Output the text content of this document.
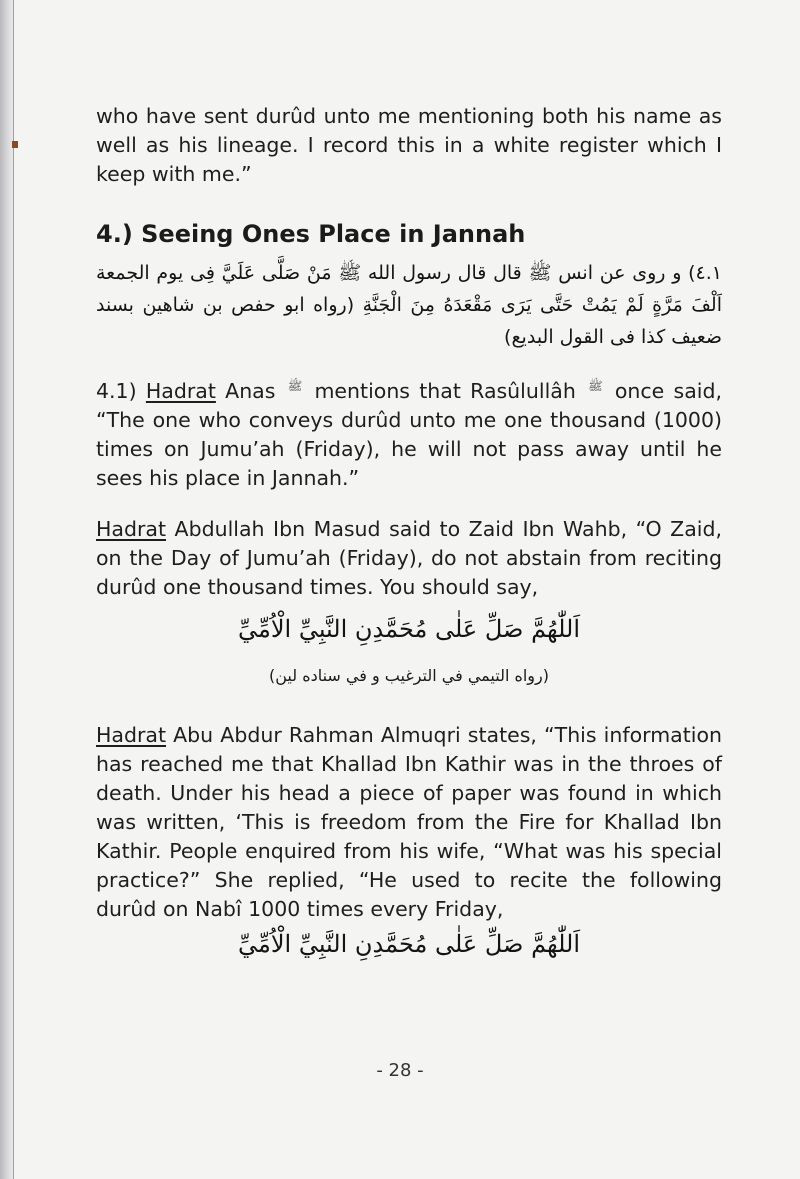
who have sent durûd unto me mentioning both his name as well as his lineage. I record this in a white register which I keep with me.”

4.) Seeing Ones Place in Jannah

٤.١) و روى عن انس ﷺ قال قال رسول الله ﷺ مَنْ صَلَّى عَلَيَّ فِى يوم الجمعة اَلْفَ مَرَّةٍ لَمْ يَمُتْ حَتَّى يَرَى مَقْعَدَهُ مِنَ الْجَنَّةِ (رواه ابو حفص بن شاهين بسند ضعيف كذا فى القول البديع)

4.1) Hadrat Anas ﷺ mentions that Rasûlullâh ﷺ once said, “The one who conveys durûd unto me one thousand (1000) times on Jumu’ah (Friday), he will not pass away until he sees his place in Jannah.”

Hadrat Abdullah Ibn Masud said to Zaid Ibn Wahb, “O Zaid, on the Day of Jumu’ah (Friday), do not abstain from reciting durûd one thousand times. You should say,

اَللّٰهُمَّ صَلِّ عَلٰى مُحَمَّدِنِ النَّبِيِّ الْاُمِّيِّ

(رواه التيمي في الترغيب و في سناده لين)

Hadrat Abu Abdur Rahman Almuqri states, “This information has reached me that Khallad Ibn Kathir was in the throes of death. Under his head a piece of paper was found in which was written, ‘This is freedom from the Fire for Khallad Ibn Kathir. People enquired from his wife, “What was his special practice?” She replied, “He used to recite the following durûd on Nabî 1000 times every Friday,

اَللّٰهُمَّ صَلِّ عَلٰى مُحَمَّدِنِ النَّبِيِّ الْاُمِّيِّ

- 28 -
